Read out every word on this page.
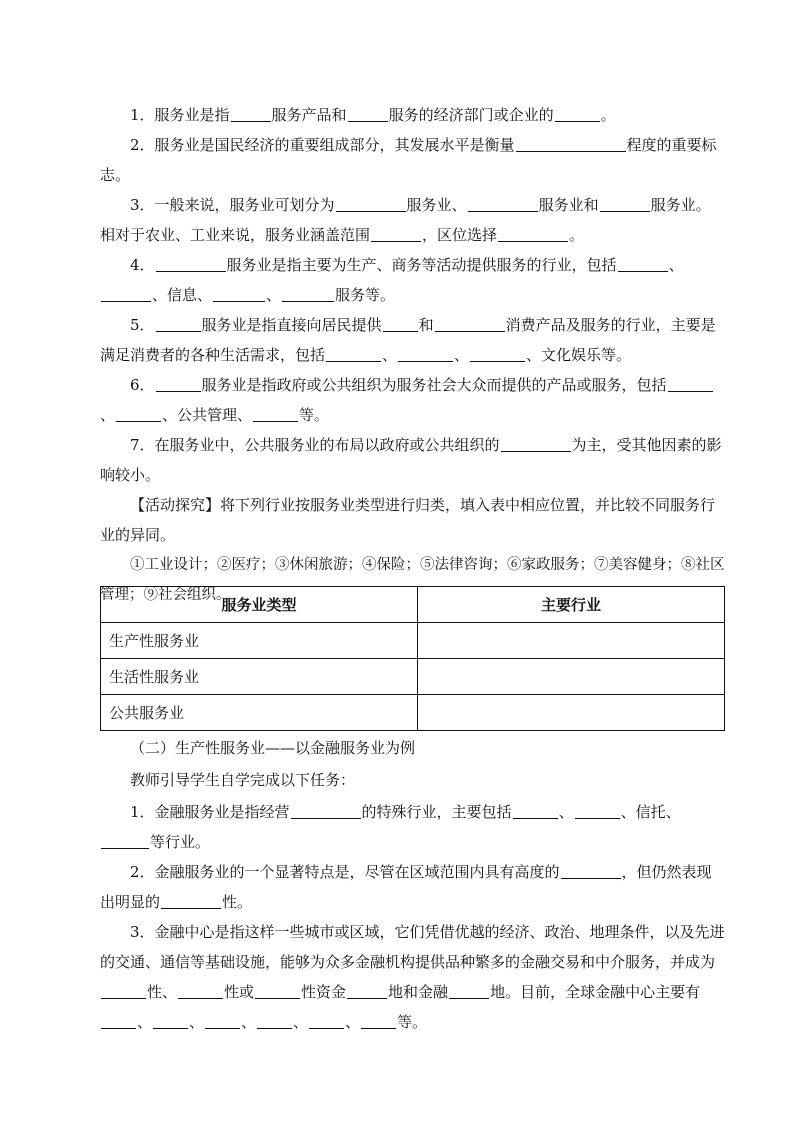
1．服务业是指	服务产品和	服务的经济部门或企业的	。

2．服务业是国民经济的重要组成部分，其发展水平是衡量	程度的重要标志。

3．一般来说，服务业可划分为	服务业、	服务业和	服务业。相对于农业、工业来说，服务业涵盖范围	，区位选择	。

4．	服务业是指主要为生产、商务等活动提供服务的行业，包括	、、信息、	、	服务等。

5．	服务业是指直接向居民提供 和	消费产品及服务的行业，主要是满足消费者的各种生活需求，包括	、	、	、文化娱乐等。

6．	服务业是指政府或公共组织为服务社会大众而提供的产品或服务，包括、	、公共管理、	等。

7．在服务业中，公共服务业的布局以政府或公共组织的	为主，受其他因素的影响较小。

【活动探究】将下列行业按服务业类型进行归类，填入表中相应位置，并比较不同服务行业的异同。

①工业设计；②医疗；③休闲旅游；④保险；⑤法律咨询；⑥家政服务；⑦美容健身；⑧社区管理；⑨社会组织。

服务业类型	主要行业
生产性服务业	
生活性服务业	
公共服务业	

（二）生产性服务业——以金融服务业为例

教师引导学生自学完成以下任务：

1．金融服务业是指经营	的特殊行业，主要包括	、	、信托、等行业。

2．金融服务业的一个显著特点是，尽管在区域范围内具有高度的	，但仍然表现出明显的	性。

3．金融中心是指这样一些城市或区域，它们凭借优越的经济、政治、地理条件，以及先进的交通、通信等基础设施，能够为众多金融机构提供品种繁多的金融交易和中介服务，并成为性、	性或	性资金	地和金融	地。目前，全球金融中心主要有、 、 、 、 、 等。
